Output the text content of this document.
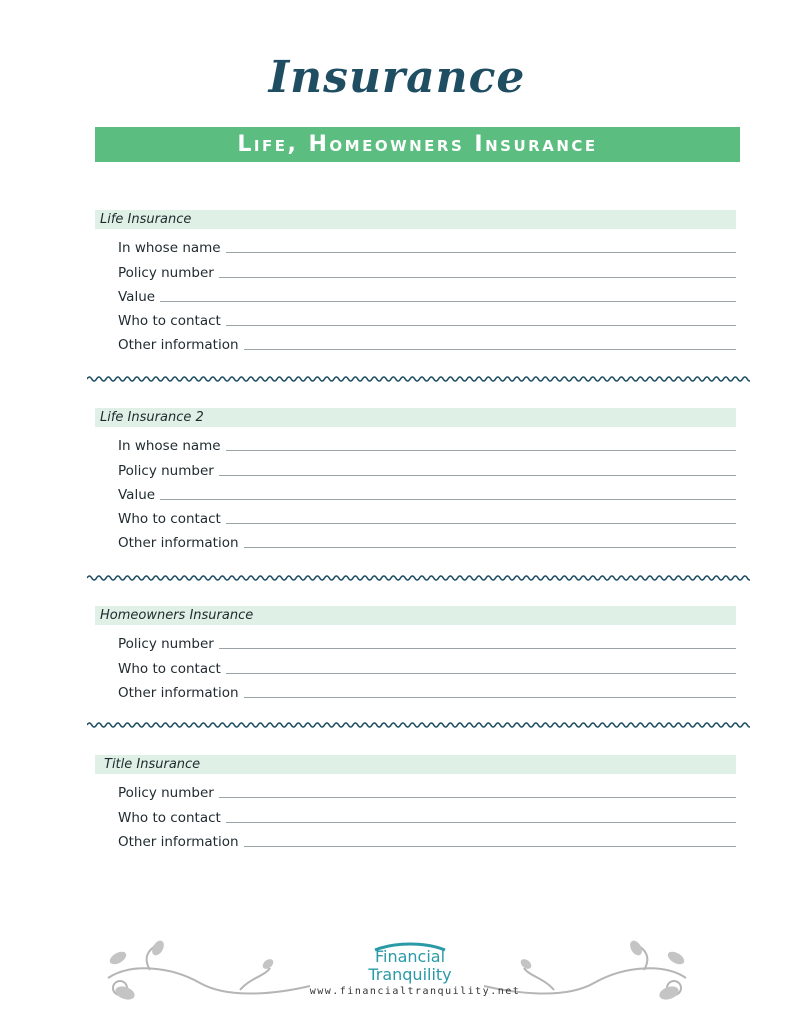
Insurance
Life, Homeowners Insurance
Life Insurance
In whose name
Policy number
Value
Who to contact
Other information
Life Insurance 2
In whose name
Policy number
Value
Who to contact
Other information
Homeowners Insurance
Policy number
Who to contact
Other information
Title Insurance
Policy number
Who to contact
Other information
Financial
Tranquility
www.financialtranquility.net
